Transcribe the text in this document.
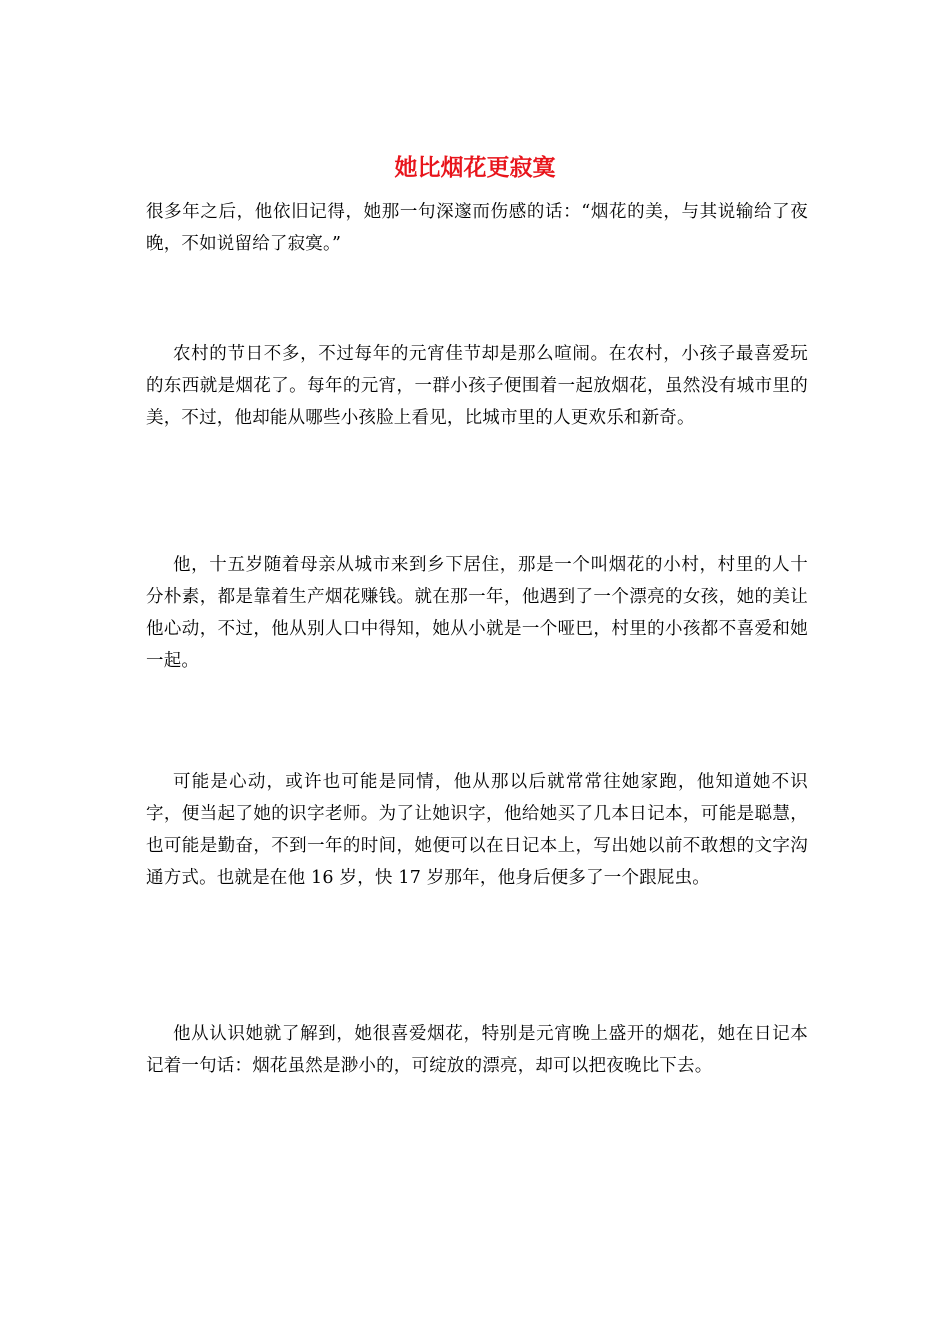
她比烟花更寂寞

很多年之后，他依旧记得，她那一句深邃而伤感的话：“烟花的美，与其说输给了夜晚，不如说留给了寂寞。”

农村的节日不多，不过每年的元宵佳节却是那么喧闹。在农村，小孩子最喜爱玩的东西就是烟花了。每年的元宵，一群小孩子便围着一起放烟花，虽然没有城市里的美，不过，他却能从哪些小孩脸上看见，比城市里的人更欢乐和新奇。

他，十五岁随着母亲从城市来到乡下居住，那是一个叫烟花的小村，村里的人十分朴素，都是靠着生产烟花赚钱。就在那一年，他遇到了一个漂亮的女孩，她的美让他心动，不过，他从别人口中得知，她从小就是一个哑巴，村里的小孩都不喜爱和她一起。

可能是心动，或许也可能是同情，他从那以后就常常往她家跑，他知道她不识字，便当起了她的识字老师。为了让她识字，他给她买了几本日记本，可能是聪慧，也可能是勤奋，不到一年的时间，她便可以在日记本上，写出她以前不敢想的文字沟通方式。也就是在他 16 岁，快 17 岁那年，他身后便多了一个跟屁虫。

他从认识她就了解到，她很喜爱烟花，特别是元宵晚上盛开的烟花，她在日记本记着一句话：烟花虽然是渺小的，可绽放的漂亮，却可以把夜晚比下去。
